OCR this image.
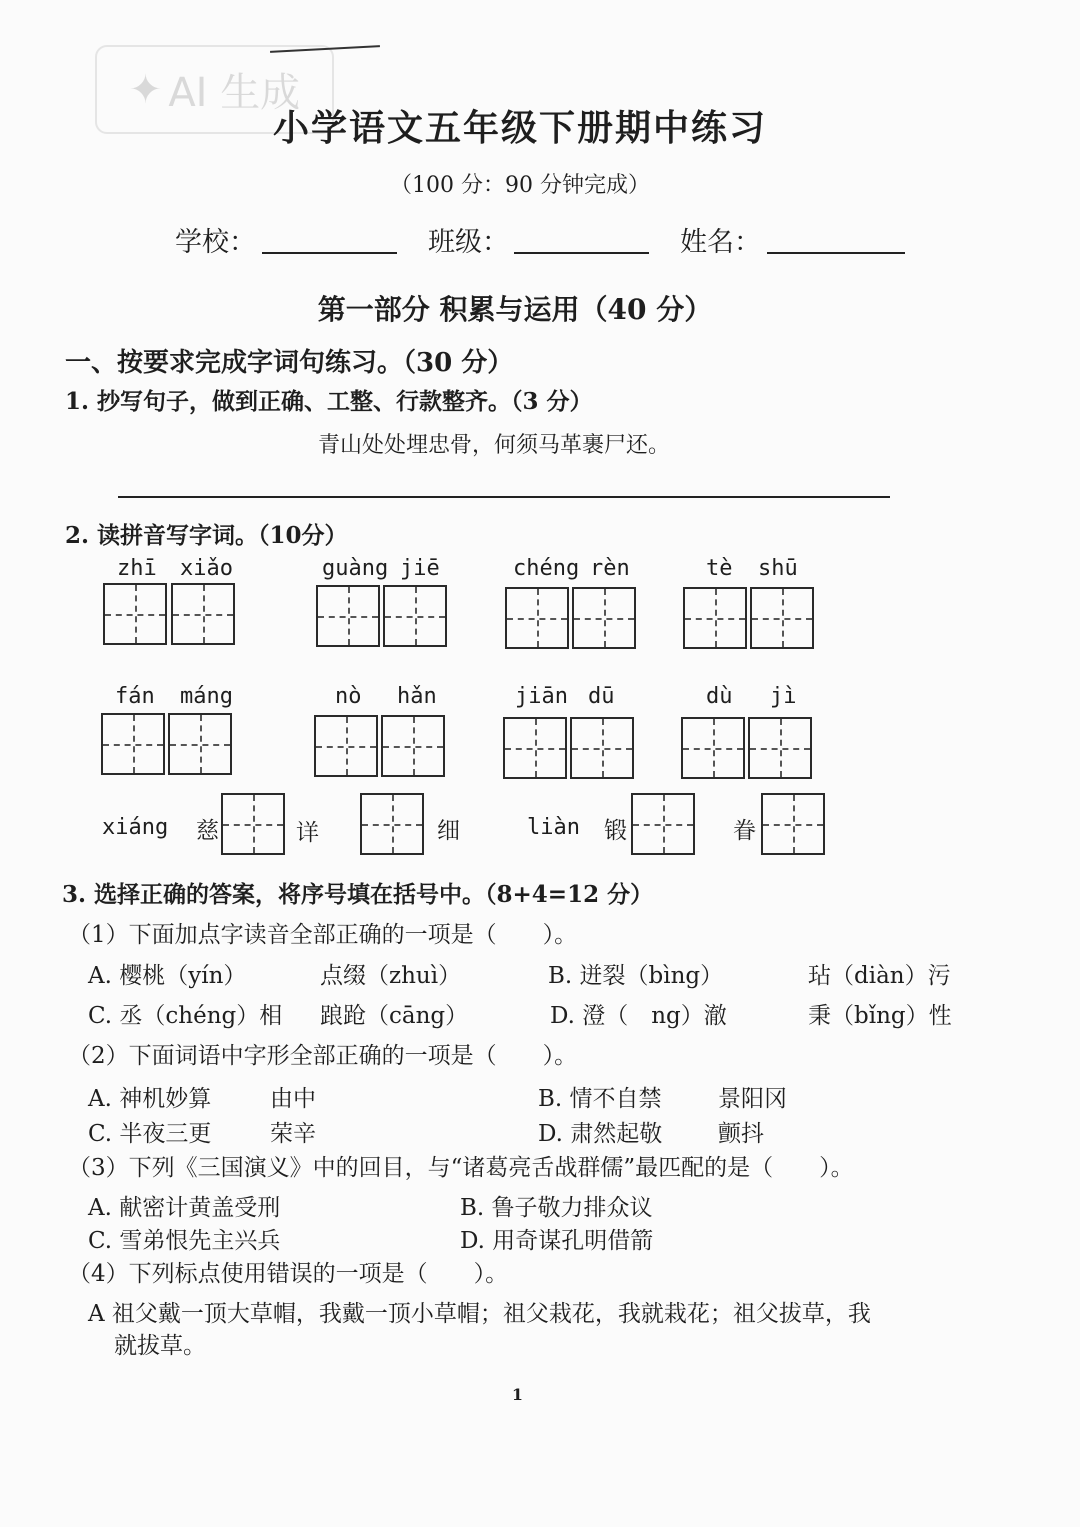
✦ AI 生成
小学语文五年级下册期中练习
（100 分：90 分钟完成）
学校：	班级：	姓名：
第一部分 积累与运用（40 分）
一、按要求完成字词句练习。（30 分）
1. 抄写句子，做到正确、工整、行款整齐。（3 分）
青山处处埋忠骨，何须马革裹尸还。
2. 读拼音写字词。（10分）
zhī xiǎo	guàng jiē	chéng rèn	tè shū
fán máng	nò hǎn	jiān dū	dù jì
xiáng 慈	详	细	liàn 锻	眷
3. 选择正确的答案，将序号填在括号中。（8+4=12 分）
（1）下面加点字读音全部正确的一项是（　　）。
A. 樱桃（yín）	点缀（zhuì）	B. 迸裂（bìng）	玷（diàn）污
C. 丞（chéng）相 踉跄（cāng）	D. 澄（　ng）澈	秉（bǐng）性
（2）下面词语中字形全部正确的一项是（　　）。
A. 神机妙算	由中	B. 情不自禁 景阳冈
C. 半夜三更	荣辛	D. 肃然起敬 颤抖
（3）下列《三国演义》中的回目，与“诸葛亮舌战群儒”最匹配的是（　　）。
A. 献密计黄盖受刑	B. 鲁子敬力排众议
C. 雪弟恨先主兴兵	D. 用奇谋孔明借箭
（4）下列标点使用错误的一项是（　　）。
A 祖父戴一顶大草帽，我戴一顶小草帽；祖父栽花，我就栽花；祖父拔草，我
就拔草。
1
